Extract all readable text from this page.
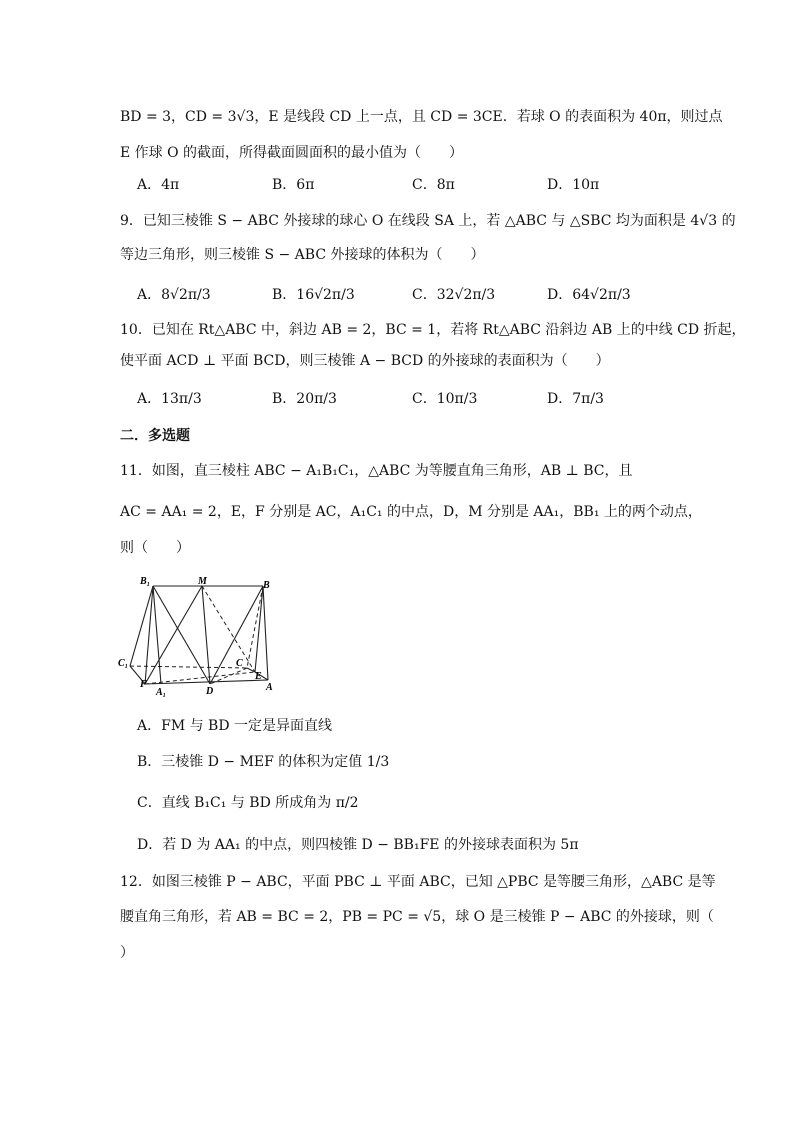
BD = 3，CD = 3√3，E 是线段 CD 上一点，且 CD = 3CE．若球 O 的表面积为 40π，则过点
E 作球 O 的截面，所得截面圆面积的最小值为（　　）
A．4π	B．6π	C．8π	D．10π
9．已知三棱锥 S − ABC 外接球的球心 O 在线段 SA 上，若 △ABC 与 △SBC 均为面积是 4√3 的
等边三角形，则三棱锥 S − ABC 外接球的体积为（　　）
A．8√2π/3	B．16√2π/3	C．32√2π/3	D．64√2π/3
10．已知在 Rt△ABC 中，斜边 AB = 2，BC = 1，若将 Rt△ABC 沿斜边 AB 上的中线 CD 折起，
使平面 ACD ⊥ 平面 BCD，则三棱锥 A − BCD 的外接球的表面积为（　　）
A．13π/3	B．20π/3	C．10π/3	D．7π/3
二．多选题
11．如图，直三棱柱 ABC − A₁B₁C₁，△ABC 为等腰直角三角形，AB ⊥ BC，且
AC = AA₁ = 2，E，F 分别是 AC，A₁C₁ 的中点，D，M 分别是 AA₁，BB₁ 上的两个动点，
则（　　）
B₁	M	B
C₁	C
F
A₁	D
E
A
A．FM 与 BD 一定是异面直线
B．三棱锥 D − MEF 的体积为定值 1/3
C．直线 B₁C₁ 与 BD 所成角为 π/2
D．若 D 为 AA₁ 的中点，则四棱锥 D − BB₁FE 的外接球表面积为 5π
12．如图三棱锥 P − ABC，平面 PBC ⊥ 平面 ABC，已知 △PBC 是等腰三角形，△ABC 是等
腰直角三角形，若 AB = BC = 2，PB = PC = √5，球 O 是三棱锥 P − ABC 的外接球，则（
）
